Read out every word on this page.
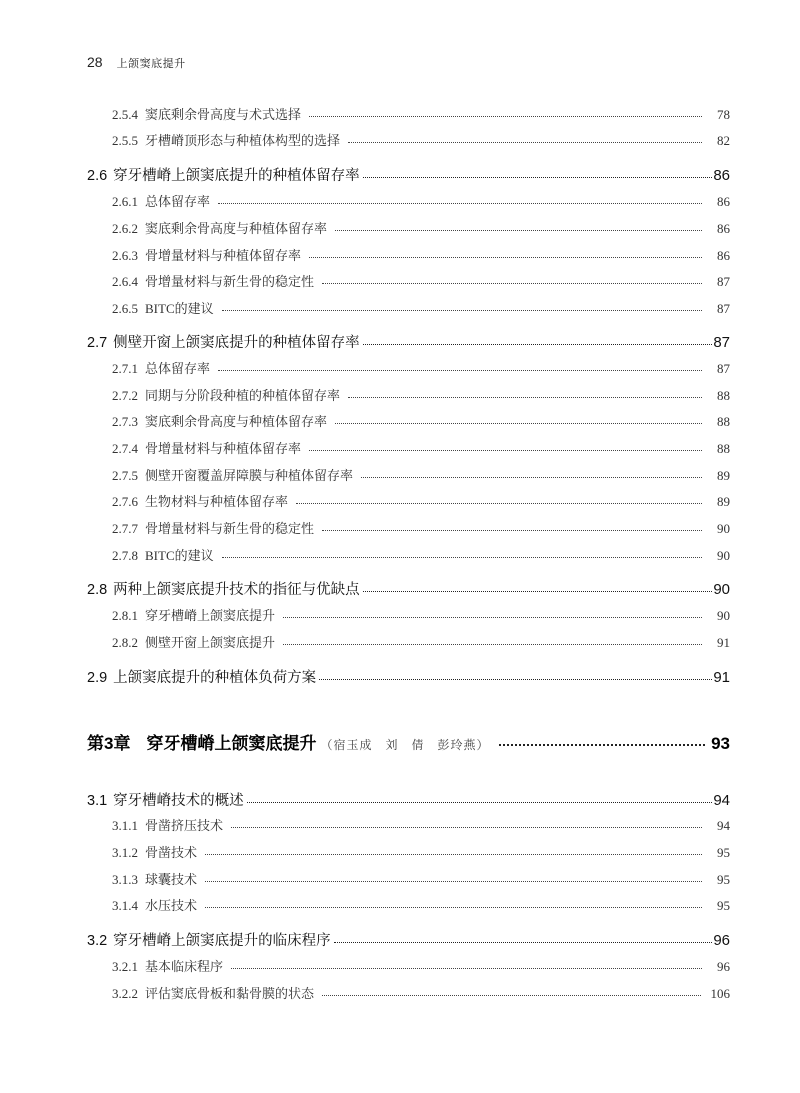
28 上颌窦底提升
2.5.4 窦底剩余骨高度与术式选择	78
2.5.5 牙槽嵴顶形态与种植体构型的选择	82
2.6 穿牙槽嵴上颌窦底提升的种植体留存率	86
2.6.1 总体留存率	86
2.6.2 窦底剩余骨高度与种植体留存率	86
2.6.3 骨增量材料与种植体留存率	86
2.6.4 骨增量材料与新生骨的稳定性	87
2.6.5 BITC的建议	87
2.7 侧壁开窗上颌窦底提升的种植体留存率	87
2.7.1 总体留存率	87
2.7.2 同期与分阶段种植的种植体留存率	88
2.7.3 窦底剩余骨高度与种植体留存率	88
2.7.4 骨增量材料与种植体留存率	88
2.7.5 侧壁开窗覆盖屏障膜与种植体留存率	89
2.7.6 生物材料与种植体留存率	89
2.7.7 骨增量材料与新生骨的稳定性	90
2.7.8 BITC的建议	90
2.8 两种上颌窦底提升技术的指征与优缺点	90
2.8.1 穿牙槽嵴上颌窦底提升	90
2.8.2 侧壁开窗上颌窦底提升	91
2.9 上颌窦底提升的种植体负荷方案	91
第3章 穿牙槽嵴上颌窦底提升 （宿玉成　刘　倩　彭玲燕）	93
3.1 穿牙槽嵴技术的概述	94
3.1.1 骨凿挤压技术	94
3.1.2 骨凿技术	95
3.1.3 球囊技术	95
3.1.4 水压技术	95
3.2 穿牙槽嵴上颌窦底提升的临床程序	96
3.2.1 基本临床程序	96
3.2.2 评估窦底骨板和黏骨膜的状态	106
